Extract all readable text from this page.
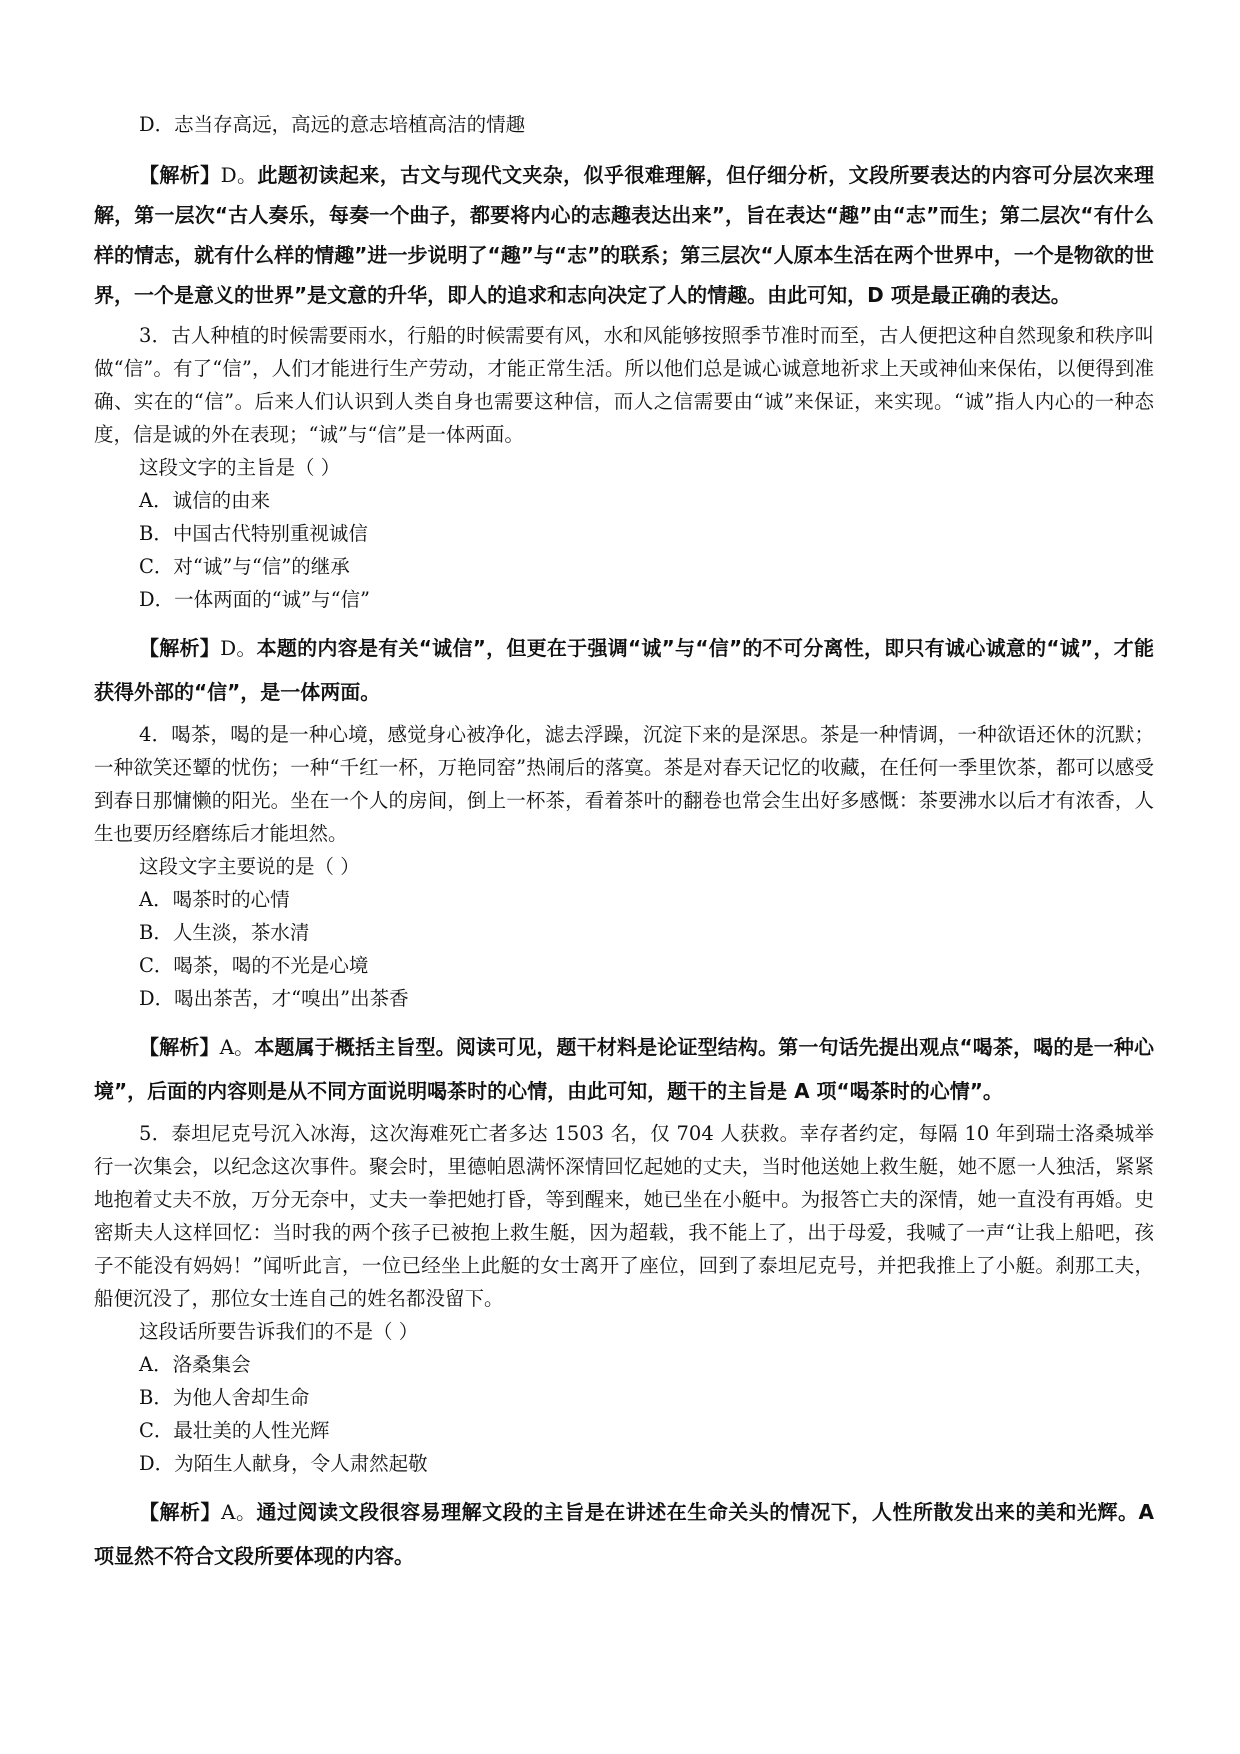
D．志当存高远，高远的意志培植高洁的情趣

【解析】D。此题初读起来，古文与现代文夹杂，似乎很难理解，但仔细分析，文段所要表达的内容可分层次来理解，第一层次“古人奏乐，每奏一个曲子，都要将内心的志趣表达出来”，旨在表达“趣”由“志”而生；第二层次“有什么样的情志，就有什么样的情趣”进一步说明了“趣”与“志”的联系；第三层次“人原本生活在两个世界中，一个是物欲的世界，一个是意义的世界”是文意的升华，即人的追求和志向决定了人的情趣。由此可知，D 项是最正确的表达。

3．古人种植的时候需要雨水，行船的时候需要有风，水和风能够按照季节准时而至，古人便把这种自然现象和秩序叫做“信”。有了“信”，人们才能进行生产劳动，才能正常生活。所以他们总是诚心诚意地祈求上天或神仙来保佑，以便得到准确、实在的“信”。后来人们认识到人类自身也需要这种信，而人之信需要由“诚”来保证，来实现。“诚”指人内心的一种态度，信是诚的外在表现；“诚”与“信”是一体两面。

这段文字的主旨是（ ）

A．诚信的由来

B．中国古代特别重视诚信

C．对“诚”与“信”的继承

D．一体两面的“诚”与“信”

【解析】D。本题的内容是有关“诚信”，但更在于强调“诚”与“信”的不可分离性，即只有诚心诚意的“诚”，才能获得外部的“信”，是一体两面。

4．喝茶，喝的是一种心境，感觉身心被净化，滤去浮躁，沉淀下来的是深思。茶是一种情调，一种欲语还休的沉默；一种欲笑还颦的忧伤；一种“千红一杯，万艳同窑”热闹后的落寞。茶是对春天记忆的收藏，在任何一季里饮茶，都可以感受到春日那慵懒的阳光。坐在一个人的房间，倒上一杯茶，看着茶叶的翻卷也常会生出好多感慨：茶要沸水以后才有浓香，人生也要历经磨练后才能坦然。

这段文字主要说的是（ ）

A．喝茶时的心情

B．人生淡，茶水清

C．喝茶，喝的不光是心境

D．喝出茶苦，才“嗅出”出茶香

【解析】A。本题属于概括主旨型。阅读可见，题干材料是论证型结构。第一句话先提出观点“喝茶，喝的是一种心境”，后面的内容则是从不同方面说明喝茶时的心情，由此可知，题干的主旨是 A 项“喝茶时的心情”。

5．泰坦尼克号沉入冰海，这次海难死亡者多达 1503 名，仅 704 人获救。幸存者约定，每隔 10 年到瑞士洛桑城举行一次集会，以纪念这次事件。聚会时，里德帕恩满怀深情回忆起她的丈夫，当时他送她上救生艇，她不愿一人独活，紧紧地抱着丈夫不放，万分无奈中，丈夫一拳把她打昏，等到醒来，她已坐在小艇中。为报答亡夫的深情，她一直没有再婚。史密斯夫人这样回忆：当时我的两个孩子已被抱上救生艇，因为超载，我不能上了，出于母爱，我喊了一声“让我上船吧，孩子不能没有妈妈！”闻听此言，一位已经坐上此艇的女士离开了座位，回到了泰坦尼克号，并把我推上了小艇。刹那工夫，船便沉没了，那位女士连自己的姓名都没留下。

这段话所要告诉我们的不是（ ）

A．洛桑集会

B．为他人舍却生命

C．最壮美的人性光辉

D．为陌生人献身，令人肃然起敬

【解析】A。通过阅读文段很容易理解文段的主旨是在讲述在生命关头的情况下，人性所散发出来的美和光辉。A 项显然不符合文段所要体现的内容。
